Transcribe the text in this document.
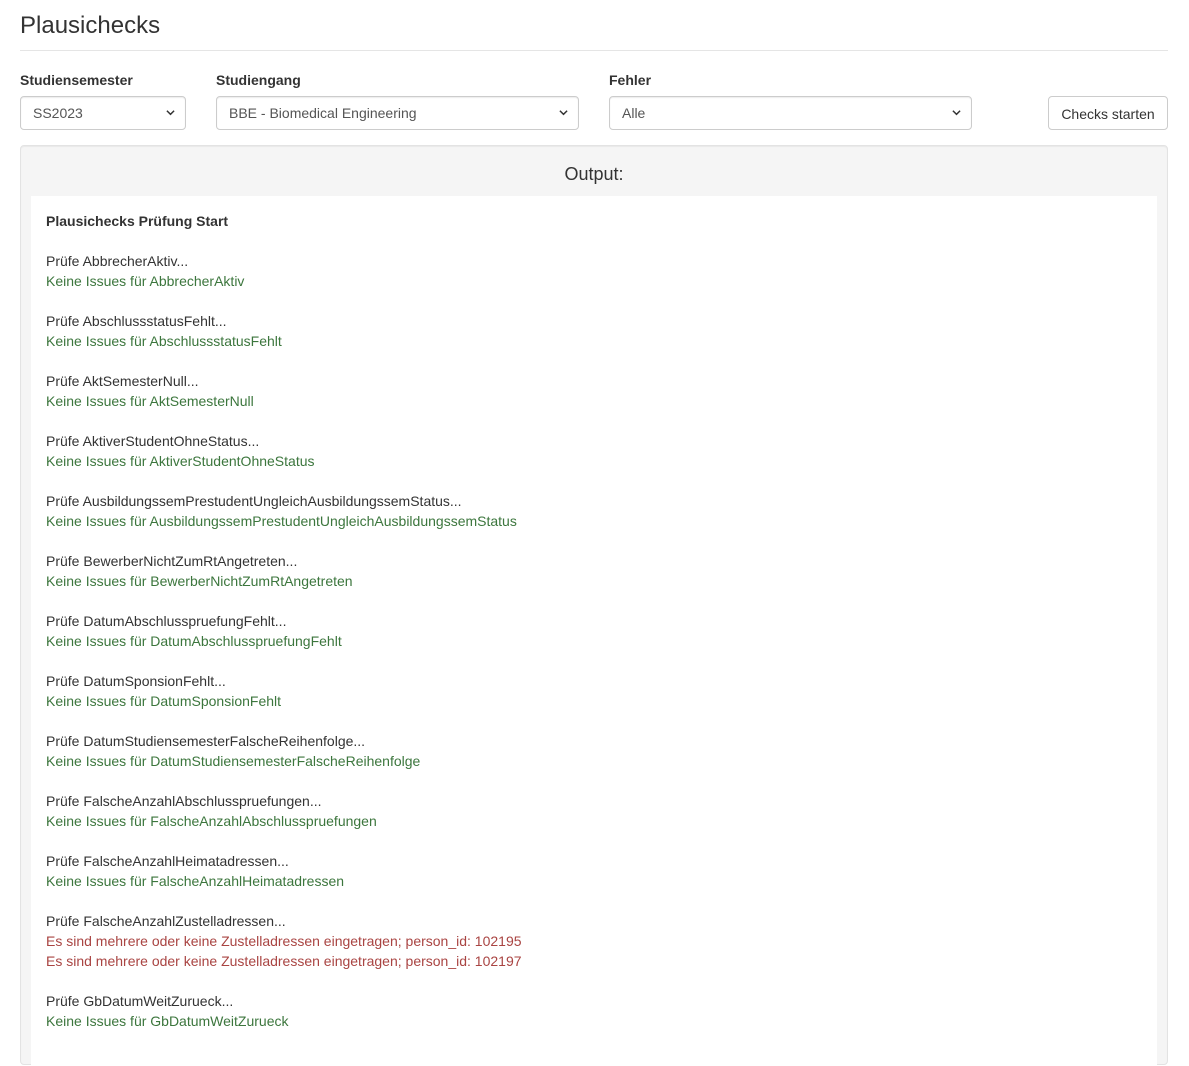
Plausichecks
Studiensemester
SS2023
Studiengang
BBE - Biomedical Engineering
Fehler
Alle	Checks starten
Output:
Plausichecks Prüfung Start
Prüfe AbbrecherAktiv...
Keine Issues für AbbrecherAktiv
Prüfe AbschlussstatusFehlt...
Keine Issues für AbschlussstatusFehlt
Prüfe AktSemesterNull...
Keine Issues für AktSemesterNull
Prüfe AktiverStudentOhneStatus...
Keine Issues für AktiverStudentOhneStatus
Prüfe AusbildungssemPrestudentUngleichAusbildungssemStatus...
Keine Issues für AusbildungssemPrestudentUngleichAusbildungssemStatus
Prüfe BewerberNichtZumRtAngetreten...
Keine Issues für BewerberNichtZumRtAngetreten
Prüfe DatumAbschlusspruefungFehlt...
Keine Issues für DatumAbschlusspruefungFehlt
Prüfe DatumSponsionFehlt...
Keine Issues für DatumSponsionFehlt
Prüfe DatumStudiensemesterFalscheReihenfolge...
Keine Issues für DatumStudiensemesterFalscheReihenfolge
Prüfe FalscheAnzahlAbschlusspruefungen...
Keine Issues für FalscheAnzahlAbschlusspruefungen
Prüfe FalscheAnzahlHeimatadressen...
Keine Issues für FalscheAnzahlHeimatadressen
Prüfe FalscheAnzahlZustelladressen...
Es sind mehrere oder keine Zustelladressen eingetragen; person_id: 102195
Es sind mehrere oder keine Zustelladressen eingetragen; person_id: 102197
Prüfe GbDatumWeitZurueck...
Keine Issues für GbDatumWeitZurueck
